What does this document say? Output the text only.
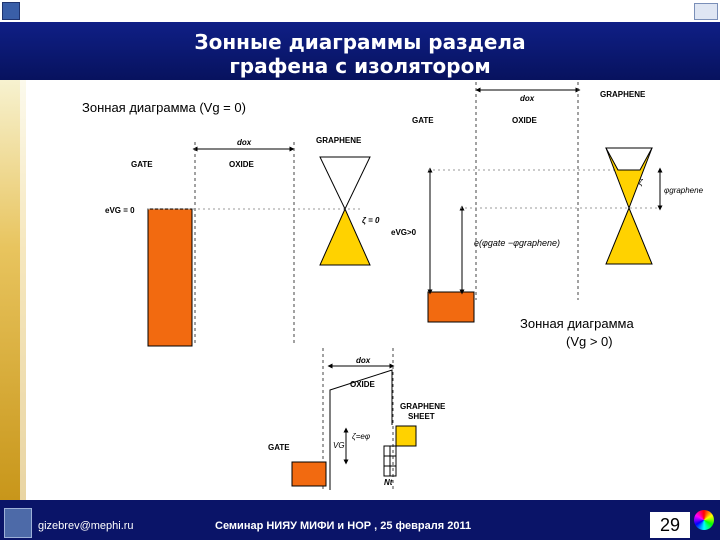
Зонные диаграммы раздела
графена с изолятором
Зонная диаграмма (Vg = 0)
Зонная диаграмма
(Vg > 0)
GATE	OXIDE
GRAPHENE
dox
eVG = 0
ζ = 0
GATE	OXIDE
GRAPHENE
dox
eVG>0
e(φgate −φgraphene)
ζ
φgraphene
GATE
OXIDE
GRAPHENE
SHEET
dox
VG
ζ=eφ
Nt
gizebrev@mephi.ru	Семинар НИЯУ МИФИ и НОР , 25 февраля 2011	29
